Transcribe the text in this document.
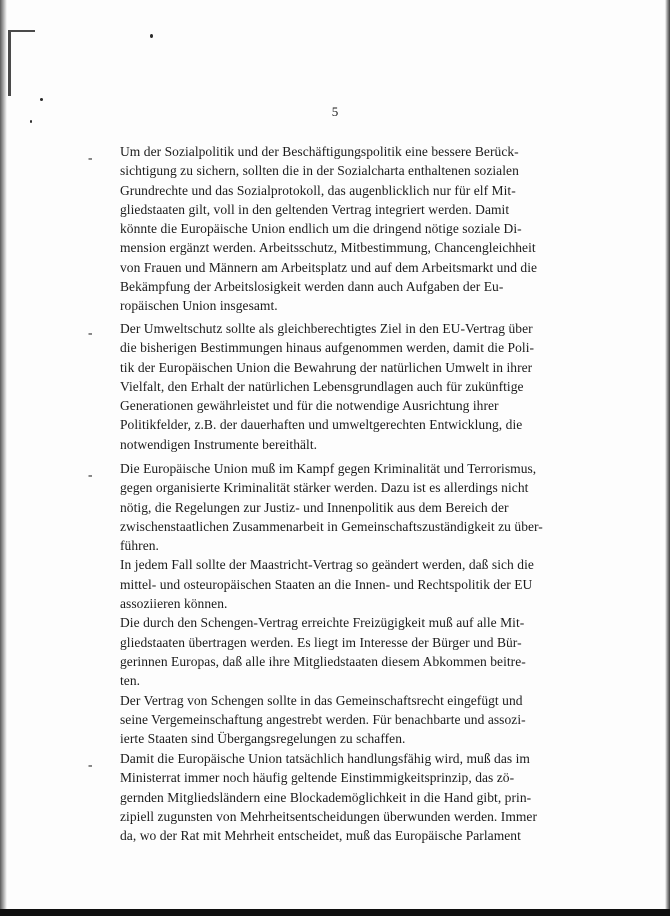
5
- Um der Sozialpolitik und der Beschäftigungspolitik eine bessere Berück-
sichtigung zu sichern, sollten die in der Sozialcharta enthaltenen sozialen
Grundrechte und das Sozialprotokoll, das augenblicklich nur für elf Mit-
gliedstaaten gilt, voll in den geltenden Vertrag integriert werden. Damit
könnte die Europäische Union endlich um die dringend nötige soziale Di-
mension ergänzt werden. Arbeitsschutz, Mitbestimmung, Chancengleichheit
von Frauen und Männern am Arbeitsplatz und auf dem Arbeitsmarkt und die
Bekämpfung der Arbeitslosigkeit werden dann auch Aufgaben der Eu-
ropäischen Union insgesamt.
- Der Umweltschutz sollte als gleichberechtigtes Ziel in den EU-Vertrag über
die bisherigen Bestimmungen hinaus aufgenommen werden, damit die Poli-
tik der Europäischen Union die Bewahrung der natürlichen Umwelt in ihrer
Vielfalt, den Erhalt der natürlichen Lebensgrundlagen auch für zukünftige
Generationen gewährleistet und für die notwendige Ausrichtung ihrer
Politikfelder, z.B. der dauerhaften und umweltgerechten Entwicklung, die
notwendigen Instrumente bereithält.
- Die Europäische Union muß im Kampf gegen Kriminalität und Terrorismus,
gegen organisierte Kriminalität stärker werden. Dazu ist es allerdings nicht
nötig, die Regelungen zur Justiz- und Innenpolitik aus dem Bereich der
zwischenstaatlichen Zusammenarbeit in Gemeinschaftszuständigkeit zu über-
führen.
In jedem Fall sollte der Maastricht-Vertrag so geändert werden, daß sich die
mittel- und osteuropäischen Staaten an die Innen- und Rechtspolitik der EU
assoziieren können.
Die durch den Schengen-Vertrag erreichte Freizügigkeit muß auf alle Mit-
gliedstaaten übertragen werden. Es liegt im Interesse der Bürger und Bür-
gerinnen Europas, daß alle ihre Mitgliedstaaten diesem Abkommen beitre-
ten.
Der Vertrag von Schengen sollte in das Gemeinschaftsrecht eingefügt und
seine Vergemeinschaftung angestrebt werden. Für benachbarte und assozi-
ierte Staaten sind Übergangsregelungen zu schaffen.
- Damit die Europäische Union tatsächlich handlungsfähig wird, muß das im
Ministerrat immer noch häufig geltende Einstimmigkeitsprinzip, das zö-
gernden Mitgliedsländern eine Blockademöglichkeit in die Hand gibt, prin-
zipiell zugunsten von Mehrheitsentscheidungen überwunden werden. Immer
da, wo der Rat mit Mehrheit entscheidet, muß das Europäische Parlament
